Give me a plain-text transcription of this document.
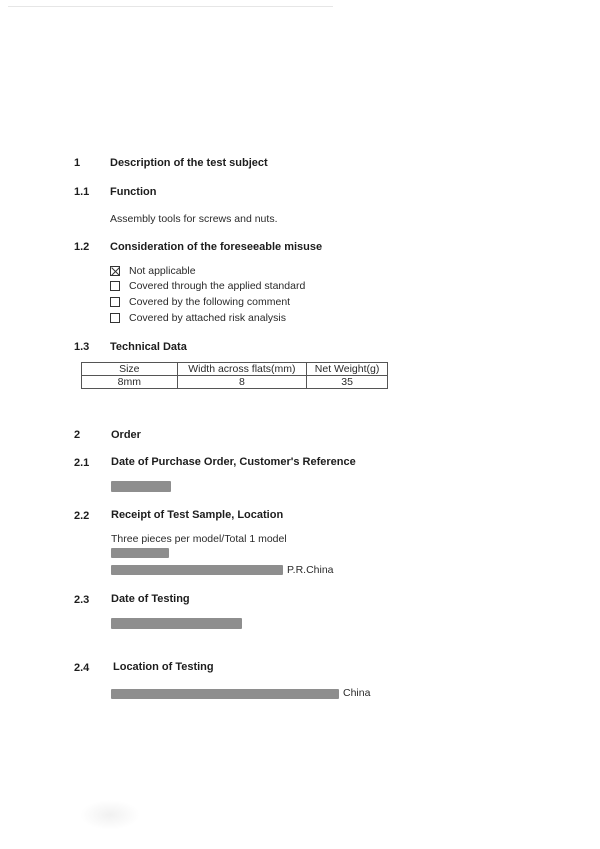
1	Description of the test subject
1.1 Function
Assembly tools for screws and nuts.
1.2 Consideration of the foreseeable misuse
Not applicable
Covered through the applied standard
Covered by the following comment
Covered by attached risk analysis
1.3 Technical Data
Size	Width across flats(mm)	Net Weight(g)
8mm	8	35
2	Order
2.1 Date of Purchase Order, Customer's Reference
2.2 Receipt of Test Sample, Location
Three pieces per model/Total 1 model
P.R.China
2.3 Date of Testing
2.4 Location of Testing
China
